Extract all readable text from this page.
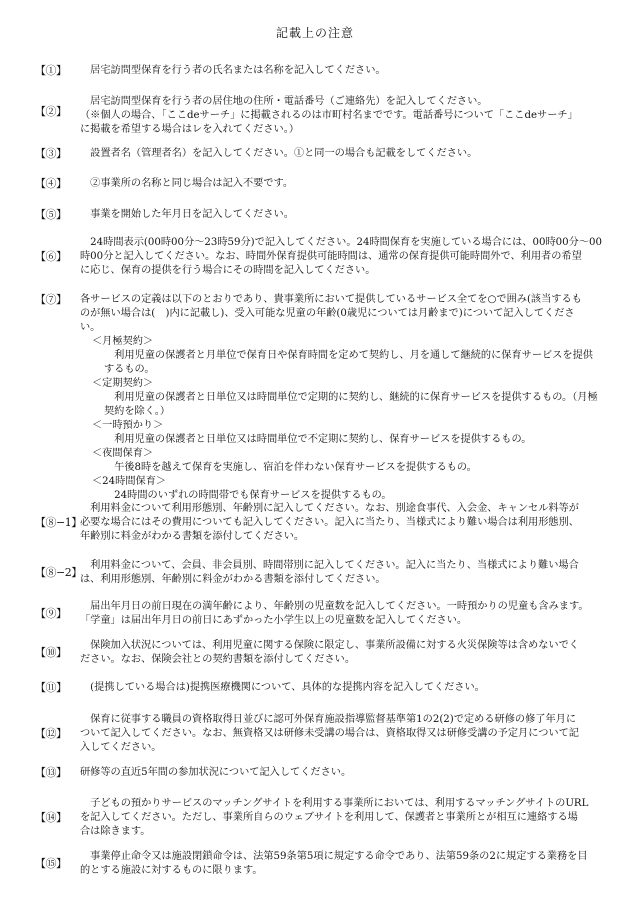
記載上の注意
【①】	　居宅訪問型保育を行う者の氏名または名称を記入してください。
【②】
　居宅訪問型保育を行う者の居住地の住所・電話番号（ご連絡先）を記入してください。
（※個人の場合、「ここdeサーチ」に掲載されるのは市町村名までです。電話番号について「ここdeサーチ」
に掲載を希望する場合はレを入れてください。）
【③】	　設置者名（管理者名）を記入してください。①と同一の場合も記載をしてください。
【④】	　②事業所の名称と同じ場合は記入不要です。
【⑤】	　事業を開始した年月日を記入してください。
【⑥】
　24時間表示(00時00分〜23時59分)で記入してください。24時間保育を実施している場合には、00時00分〜00
時00分と記入してください。なお、時間外保育提供可能時間は、通常の保育提供可能時間外で、利用者の希望
に応じ、保育の提供を行う場合にその時間を記入してください。
【⑦】	各サービスの定義は以下のとおりであり、貴事業所において提供しているサービス全てを○で囲み(該当するも
のが無い場合は(　)内に記載し)、受入可能な児童の年齢(0歳児については月齢まで)について記入してくださ
い。
＜月極契約＞
　利用児童の保護者と月単位で保育日や保育時間を定めて契約し、月を通して継続的に保育サービスを提供
するもの。
＜定期契約＞
　利用児童の保護者と日単位又は時間単位で定期的に契約し、継続的に保育サービスを提供するもの。（月極
契約を除く。）
＜一時預かり＞
　利用児童の保護者と日単位又は時間単位で不定期に契約し、保育サービスを提供するもの。
＜夜間保育＞
　午後8時を越えて保育を実施し、宿泊を伴わない保育サービスを提供するもの。
＜24時間保育＞
　24時間のいずれの時間帯でも保育サービスを提供するもの。
【⑧−1】
　利用料金について利用形態別、年齢別に記入してください。なお、別途食事代、入会金、キャンセル料等が
必要な場合にはその費用についても記入してください。記入に当たり、当様式により難い場合は利用形態別、
年齢別に料金がわかる書類を添付してください。
【⑧−2】
　利用料金について、会員、非会員別、時間帯別に記入してください。記入に当たり、当様式により難い場合
は、利用形態別、年齢別に料金がわかる書類を添付してください。
【⑨】
　届出年月日の前日現在の満年齢により、年齢別の児童数を記入してください。一時預かりの児童も含みます。
「学童」は届出年月日の前日にあずかった小学生以上の児童数を記入してください。
【⑩】
　保険加入状況については、利用児童に関する保険に限定し、事業所設備に対する火災保険等は含めないでく
ださい。なお、保険会社との契約書類を添付してください。
【⑪】	　(提携している場合は)提携医療機関について、具体的な提携内容を記入してください。
【⑫】
　保育に従事する職員の資格取得日並びに認可外保育施設指導監督基準第1の2(2)で定める研修の修了年月に
ついて記入してください。なお、無資格又は研修未受講の場合は、資格取得又は研修受講の予定月について記
入してください。
【⑬】	研修等の直近5年間の参加状況について記入してください。
【⑭】
　子どもの預かりサービスのマッチングサイトを利用する事業所においては、利用するマッチングサイトのURL
を記入してください。ただし、事業所自らのウェブサイトを利用して、保護者と事業所とが相互に連絡する場
合は除きます。
【⑮】
　事業停止命令又は施設閉鎖命令は、法第59条第5項に規定する命令であり、法第59条の2に規定する業務を目
的とする施設に対するものに限ります。
